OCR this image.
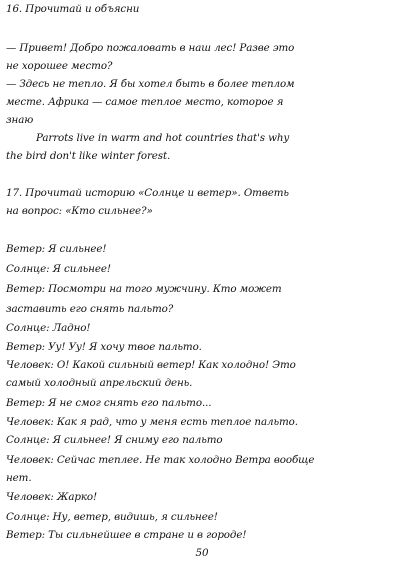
16. Прочитай и объясни
— Привет! Добро пожаловать в наш лес! Разве это
не хорошее место?
— Здесь не тепло. Я бы хотел быть в более теплом
месте. Африка — самое теплое место, которое я
знаю
Parrots live in warm and hot countries that's why
the bird don't like winter forest.
17. Прочитай историю «Солнце и ветер». Ответь
на вопрос: «Кто сильнее?»
Ветер: Я сильнее!
Солнце: Я сильнее!
Ветер: Посмотри на того мужчину. Кто может
заставить его снять пальто?
Солнце: Ладно!
Ветер: Уу! Уу! Я хочу твое пальто.
Человек: О! Какой сильный ветер! Как холодно! Это
самый холодный апрельский день.
Ветер: Я не смог снять его пальто...
Человек: Как я рад, что у меня есть теплое пальто.
Солнце: Я сильнее! Я сниму его пальто
Человек: Сейчас теплее. Не так холодно Ветра вообще
нет.
Человек: Жарко!
Солнце: Ну, ветер, видишь, я сильнее!
Ветер: Ты сильнейшее в стране и в городе!
50
